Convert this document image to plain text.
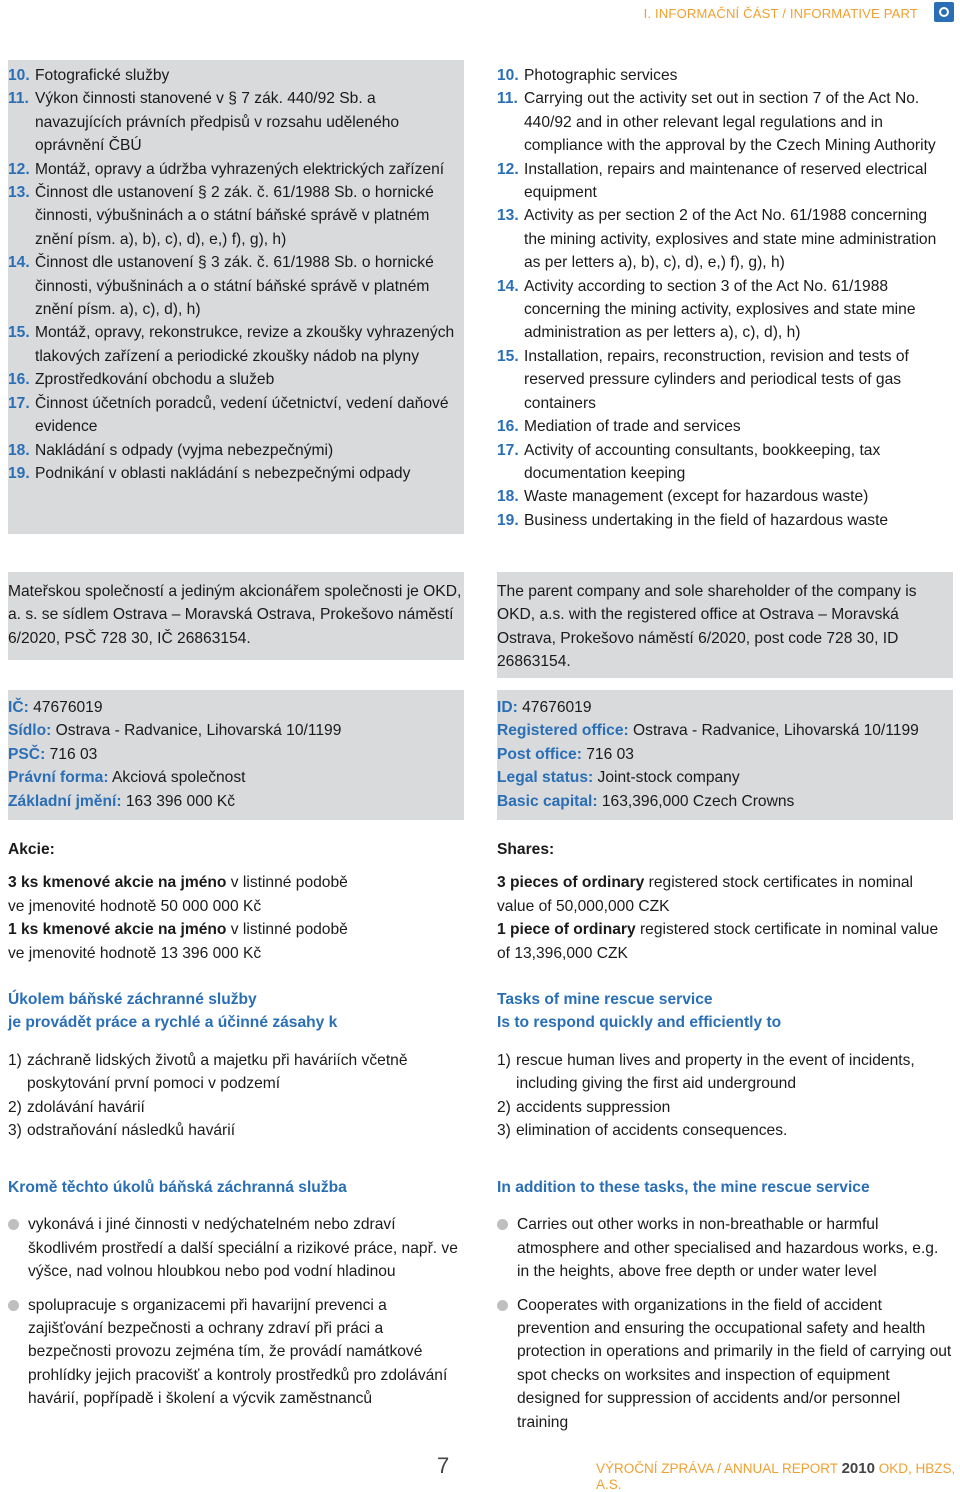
I. INFORMAČNÍ ČÁST / INFORMATIVE PART
10. Fotografické služby
11. Výkon činnosti stanovené v § 7 zák. 440/92 Sb. a navazujících právních předpisů v rozsahu uděleného oprávnění ČBÚ
12. Montáž, opravy a údržba vyhrazených elektrických zařízení
13. Činnost dle ustanovení § 2 zák. č. 61/1988 Sb. o hornické činnosti, výbušninách a o státní báňské správě v platném znění písm. a), b), c), d), e,) f), g), h)
14. Činnost dle ustanovení § 3 zák. č. 61/1988 Sb. o hornické činnosti, výbušninách a o státní báňské správě v platném znění písm. a), c), d), h)
15. Montáž, opravy, rekonstrukce, revize a zkoušky vyhrazených tlakových zařízení a periodické zkoušky nádob na plyny
16. Zprostředkování obchodu a služeb
17. Činnost účetních poradců, vedení účetnictví, vedení daňové evidence
18. Nakládání s odpady (vyjma nebezpečnými)
19. Podnikání v oblasti nakládání s nebezpečnými odpady

Mateřskou společností a jediným akcionářem společnosti je OKD, a. s. se sídlem Ostrava – Moravská Ostrava, Prokešovo náměstí 6/2020, PSČ 728 30, IČ 26863154.

IČ: 47676019
Sídlo: Ostrava - Radvanice, Lihovarská 10/1199
PSČ: 716 03
Právní forma: Akciová společnost
Základní jmění: 163 396 000 Kč
Akcie:
3 ks kmenové akcie na jméno v listinné podobě
ve jmenovité hodnotě 50 000 000 Kč
1 ks kmenové akcie na jméno v listinné podobě
ve jmenovité hodnotě 13 396 000 Kč
Úkolem báňské záchranné služby
je provádět práce a rychlé a účinné zásahy k
1) záchraně lidských životů a majetku při haváriích včetně poskytování první pomoci v podzemí
2) zdolávání havárií
3) odstraňování následků havárií
Kromě těchto úkolů báňská záchranná služba
vykonává i jiné činnosti v nedýchatelném nebo zdraví škodlivém prostředí a další speciální a rizikové práce, např. ve výšce, nad volnou hloubkou nebo pod vodní hladinou
spolupracuje s organizacemi při havarijní prevenci a zajišťování bezpečnosti a ochrany zdraví při práci a bezpečnosti provozu zejména tím, že provádí namátkové prohlídky jejich pracovišť a kontroly prostředků pro zdolávání havárií, popřípadě i školení a výcvik zaměstnanců
10. Photographic services
11. Carrying out the activity set out in section 7 of the Act No. 440/92 and in other relevant legal regulations and in compliance with the approval by the Czech Mining Authority
12. Installation, repairs and maintenance of reserved electrical equipment
13. Activity as per section 2 of the Act No. 61/1988 concerning the mining activity, explosives and state mine administration as per letters a), b), c), d), e,) f), g), h)
14. Activity according to section 3 of the Act No. 61/1988 concerning the mining activity, explosives and state mine administration as per letters a), c), d), h)
15. Installation, repairs, reconstruction, revision and tests of reserved pressure cylinders and periodical tests of gas containers
16. Mediation of trade and services
17. Activity of accounting consultants, bookkeeping, tax documentation keeping
18. Waste management (except for hazardous waste)
19. Business undertaking in the field of hazardous waste

The parent company and sole shareholder of the company is OKD, a.s. with the registered office at Ostrava – Moravská Ostrava, Prokešovo náměstí 6/2020, post code 728 30, ID 26863154.

ID: 47676019
Registered office: Ostrava - Radvanice, Lihovarská 10/1199
Post office: 716 03
Legal status: Joint-stock company
Basic capital: 163,396,000 Czech Crowns
Shares:
3 pieces of ordinary registered stock certificates in nominal value of 50,000,000 CZK
1 piece of ordinary registered stock certificate in nominal value of 13,396,000 CZK
Tasks of mine rescue service
Is to respond quickly and efficiently to
1) rescue human lives and property in the event of incidents, including giving the first aid underground
2) accidents suppression
3) elimination of accidents consequences.
In addition to these tasks, the mine rescue service
Carries out other works in non-breathable or harmful atmosphere and other specialised and hazardous works, e.g. in the heights, above free depth or under water level
Cooperates with organizations in the field of accident prevention and ensuring the occupational safety and health protection in operations and primarily in the field of carrying out spot checks on worksites and inspection of equipment designed for suppression of accidents and/or personnel training
7	VÝROČNÍ ZPRÁVA / ANNUAL REPORT 2010 OKD, HBZS, A.S.
